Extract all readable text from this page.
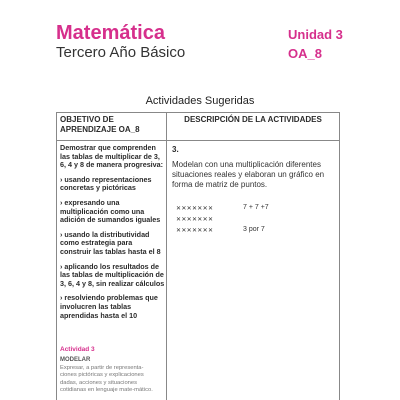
Matemática
Tercero Año Básico
Unidad 3
OA_8
Actividades Sugeridas
OBJETIVO DE APRENDIZAJE OA_8
DESCRIPCIÓN DE LA ACTIVIDADES
Demostrar que comprenden las tablas de multiplicar de 3, 6, 4 y 8 de manera progresiva:
› usando representaciones concretas y pictóricas
› expresando una multiplicación como una adición de sumandos iguales
› usando la distributividad como estrategia para construir las tablas hasta el 8
› aplicando los resultados de las tablas de multiplicación de 3, 6, 4 y 8, sin realizar cálculos
› resolviendo problemas que involucren las tablas aprendidas hasta el 10
Actividad 3
MODELAR
Expresar, a partir de representa-ciones pictóricas y explicaciones dadas, acciones y situaciones cotidianas en lenguaje mate-mático.
3.
Modelan con una multiplicación diferentes situaciones reales y elaboran un gráfico en forma de matriz de puntos.
✕✕✕✕✕✕✕	7 + 7 +7
✕✕✕✕✕✕✕
✕✕✕✕✕✕✕	3 por 7
